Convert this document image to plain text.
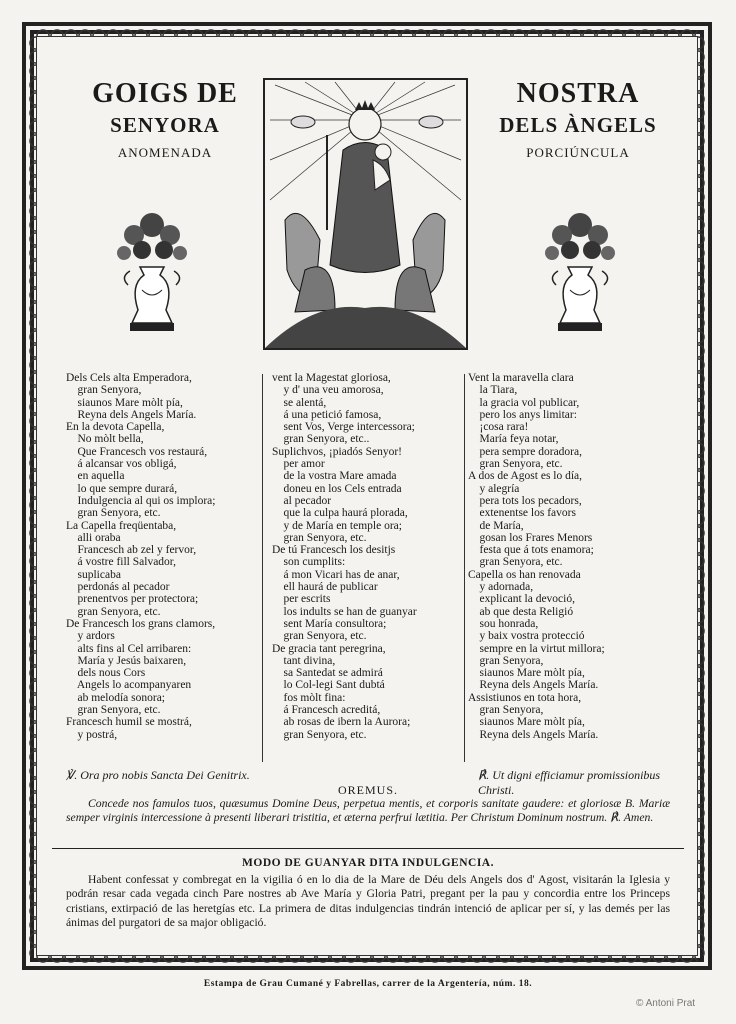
GOIGS DE
SENYORA
ANOMENADA
NOSTRA
DELS ÀNGELS
PORCIÚNCULA
Dels Cels alta Emperadora,
gran Senyora,
siaunos Mare mòlt pía,
Reyna dels Angels María.
En la devota Capella,
No mòlt bella,
Que Francesch vos restaurá,
á alcansar vos obligá,
en aquella
lo que sempre durará,
Indulgencia al qui os implora;
gran Senyora, etc.
La Capella freqüentaba,
alli oraba
Francesch ab zel y fervor,
á vostre fill Salvador,
suplicaba
perdonás al pecador
prenentvos per protectora;
gran Senyora, etc.
De Francesch los grans clamors,
y ardors
alts fins al Cel arribaren:
María y Jesús baixaren,
dels nous Cors
Angels lo acompanyaren
ab melodía sonora;
gran Senyora, etc.
Francesch humil se mostrá,
y postrá,
vent la Magestat gloriosa,
y d' una veu amorosa,
se alentá,
á una petició famosa,
sent Vos, Verge intercessora;
gran Senyora, etc..
Suplichvos, ¡piadós Senyor!
per amor
de la vostra Mare amada
doneu en los Cels entrada
al pecador
que la culpa haurá plorada,
y de María en temple ora;
gran Senyora, etc.
De tú Francesch los desitjs
son cumplits:
á mon Vicari has de anar,
ell haurá de publicar
per escrits
los indults se han de guanyar
sent María consultora;
gran Senyora, etc.
De gracia tant peregrina,
tant divina,
sa Santedat se admirá
lo Col-legi Sant dubtá
fos mòlt fina:
á Francesch acreditá,
ab rosas de ibern la Aurora;
gran Senyora, etc.
Vent la maravella clara
la Tiara,
la gracia vol publicar,
pero los anys limitar:
¡cosa rara!
María feya notar,
pera sempre doradora,
gran Senyora, etc.
A dos de Agost es lo día,
y alegría
pera tots los pecadors,
extenentse los favors
de María,
gosan los Frares Menors
festa que á tots enamora;
gran Senyora, etc.
Capella os han renovada
y adornada,
explicant la devoció,
ab que desta Religió
sou honrada,
y baix vostra protecció
sempre en la virtut millora;
gran Senyora,
siaunos Mare mòlt pía,
Reyna dels Angels María.
Assistiunos en tota hora,
gran Senyora,
siaunos Mare mòlt pía,
Reyna dels Angels María.
℣. Ora pro nobis Sancta Dei Genitrix.	℟. Ut digni efficiamur promissionibus Christi.
OREMUS.
Concede nos famulos tuos, quæsumus Domine Deus, perpetua mentis, et corporis sanitate gaudere: et gloriosæ B. Mariæ semper virginis intercessione à presenti liberari tristitia, et æterna perfrui lætitia. Per Christum Dominum nostrum. ℟. Amen.
MODO DE GUANYAR DITA INDULGENCIA.
Habent confessat y combregat en la vigilia ó en lo dia de la Mare de Déu dels Angels dos d' Agost, visitarán la Iglesia y podrán resar cada vegada cinch Pare nostres ab Ave María y Gloria Patri, pregant per la pau y concordia entre los Princeps cristians, extirpació de las heretgías etc. La primera de ditas indulgencias tindrán intenció de aplicar per sí, y las demés per las ánimas del purgatori de sa major obligació.
Estampa de Grau Cumané y Fabrellas, carrer de la Argentería, núm. 18.
© Antoni Prat
